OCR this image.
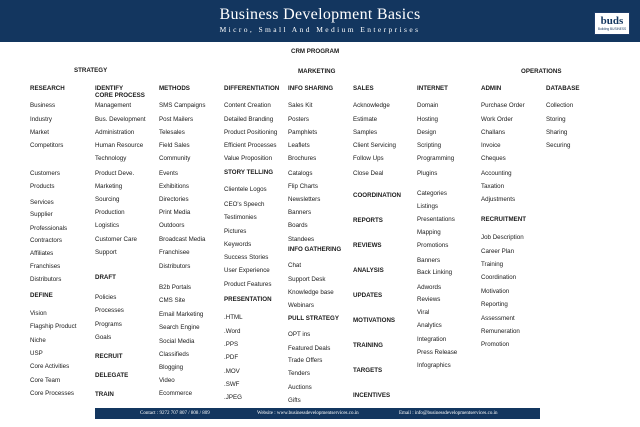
Business Development Basics
Micro, Small And Medium Enterprises
buds
Building BUSINESS
CRM PROGRAM
STRATEGY	MARKETING	OPERATIONS
RESEARCH
Business
Industry
Market
Customers
Products
Services
Supplier
Professionals
Contractors
Affiliates
Franchises
Distributors
Competitors
DEFINE
Vision
Flagship Product
Niche
USP
Core Activities
Core Team
Core Processes
IDENTIFY
CORE PROCESS
Management
Bus. Development
Administration
Human Resource
Technology
Product Deve.
Marketing
Sourcing
Production
Logistics
Customer Care
Support
DRAFT
Policies
Processes
Programs
Goals
RECRUIT
DELEGATE
TRAIN
METHODS
SMS Campaigns
Post Mailers
Telesales
Field Sales
Community
Events
Exhibitions
Directories
Print Media
Outdoors
Broadcast Media
Franchisee
Distributors
B2b Portals
CMS Site
Email Marketing
Search Engine
Social Media
Classifieds
Blogging
Video
Ecommerce
DIFFERENTIATION
Content Creation
Detailed Branding
Product Positioning
Efficient Processes
Value Proposition
STORY TELLING
Clientele Logos
CEO's Speech
Testimonies
Pictures
Keywords
Success Stories
User Experience
Product Features
PRESENTATION
.HTML
.Word
.PPS
.PDF
.MOV
.SWF
.JPEG
INFO SHARING
Sales Kit
Posters
Pamphlets
Leaflets
Brochures
Catalogs
Flip Charts
Newsletters
Banners
Boards
Standees
INFO GATHERING
Chat
Support Desk
Knowledge base
Webinars
PULL STRATEGY
OPT ins
Featured Deals
Trade Offers
Tenders
Auctions
Gifts
SALES
Acknowledge
Estimate
Samples
Client Servicing
Follow Ups
Close Deal
COORDINATION
REPORTS
REVIEWS
ANALYSIS
UPDATES
MOTIVATIONS
TRAINING
TARGETS
INCENTIVES
INTERNET
Domain
Hosting
Design
Scripting
Programming
Plugins
Categories
Listings
Presentations
Mapping
Promotions
Banners
Back Linking
Adwords
Reviews
Viral
Analytics
Integration
Press Release
Infographics
ADMIN
Purchase Order
Work Order
Challans
Invoice
Cheques
Accounting
Taxation
Adjustments
RECRUITMENT
Job Description
Career Plan
Training
Coordination
Motivation
Reporting
Assessment
Remuneration
Promotion
DATABASE
Collection
Storing
Sharing
Securing
Contact : 9272 707 807 / 808 / 809	Website : www.businessdevelopmentservices.co.in	Email : info@businessdevelopmentservices.co.in
